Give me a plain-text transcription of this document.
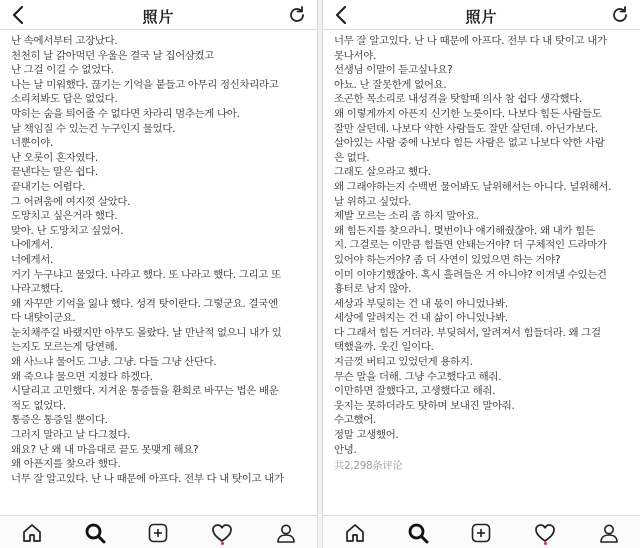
照片
난 속에서부터 고장났다.
천천히 날 갉아먹던 우울은 결국 날 집어삼켰고
난 그걸 이길 수 없었다.
나는 날 미워했다. 끊기는 기억을 붙들고 아무리 정신차리라고
소리쳐봐도 답은 없었다.
막히는 숨을 틔어줄 수 없다면 차라리 멈추는게 나아.
날 책임질 수 있는건 누구인지 물었다.
너뿐이야.
난 오롯이 혼자였다.
끝낸다는 말은 쉽다.
끝내기는 어렵다.
그 어려움에 여지껏 살았다.
도망치고 싶은거라 했다.
맞아. 난 도망치고 싶었어.
나에게서.
너에게서.
거기 누구냐고 물었다. 나라고 했다. 또 나라고 했다. 그리고 또
나라고했다.
왜 자꾸만 기억을 잃냐 했다. 성격 탓이란다. 그렇군요. 결국엔
다 내탓이군요.
눈치채주길 바랬지만 아무도 몰랐다. 날 만난적 없으니 내가 있
는지도 모르는게 당연해.
왜 사느냐 물어도 그냥. 그냥. 다들 그냥 산단다.
왜 죽으냐 물으면 지쳤다 하겠다.
시달리고 고민했다. 지겨운 통증들을 환희로 바꾸는 법은 배운
적도 없었다.
통증은 통증일 뿐이다.
그러지 말라고 날 다그쳤다.
왜요? 난 왜 내 마음대로 끝도 못맺게 해요?
왜 아픈지를 찾으라 했다.
너무 잘 알고있다. 난 나 때문에 아프다. 전부 다 내 탓이고 내가
照片
너무 잘 알고있다. 난 나 때문에 아프다. 전부 다 내 탓이고 내가
못나서야.
선생님 이말이 듣고싶나요?
아뇨. 난 잘못한게 없어요.
조곤한 목소리로 내성격을 탓할때 의사 참 쉽다 생각했다.
왜 이렇게까지 아픈지 신기한 노릇이다. 나보다 힘든 사람들도
잘만 살던데. 나보다 약한 사람들도 잘만 살던데. 아닌가보다.
살아있는 사람 중에 나보다 힘든 사람은 없고 나보다 약한 사람
은 없다.
그래도 살으라고 했다.
왜 그래야하는지 수백번 물어봐도 날위해서는 아니다. 널위해서.
날 위하고 싶었다.
제발 모르는 소리 좀 하지 말아요.
왜 힘든지를 찾으라니. 몇번이나 얘기해줬잖아. 왜 내가 힘든
지. 그걸로는 이만큼 힘들면 안돼는거야? 더 구체적인 드라마가
있어야 하는거야? 좀 더 사연이 있었으면 하는 거야?
이미 이야기했잖아. 혹시 흘려들은 거 아니야? 이겨낼 수있는건
흉터로 남지 않아.
세상과 부딪히는 건 내 몫이 아니었나봐.
세상에 알려지는 건 내 삶이 아니었나봐.
다 그래서 힘든 거더라. 부딪혀서, 알려져서 힘들더라. 왜 그걸
택했을까. 웃긴 일이다.
지금껏 버티고 있었던게 용하지.
무슨 말을 더해. 그냥 수고했다고 해줘.
이만하면 잘했다고, 고생했다고 해줘.
웃지는 못하더라도 탓하며 보내진 말아줘.
수고했어.
정말 고생했어.
안녕.
共2,298条评论
